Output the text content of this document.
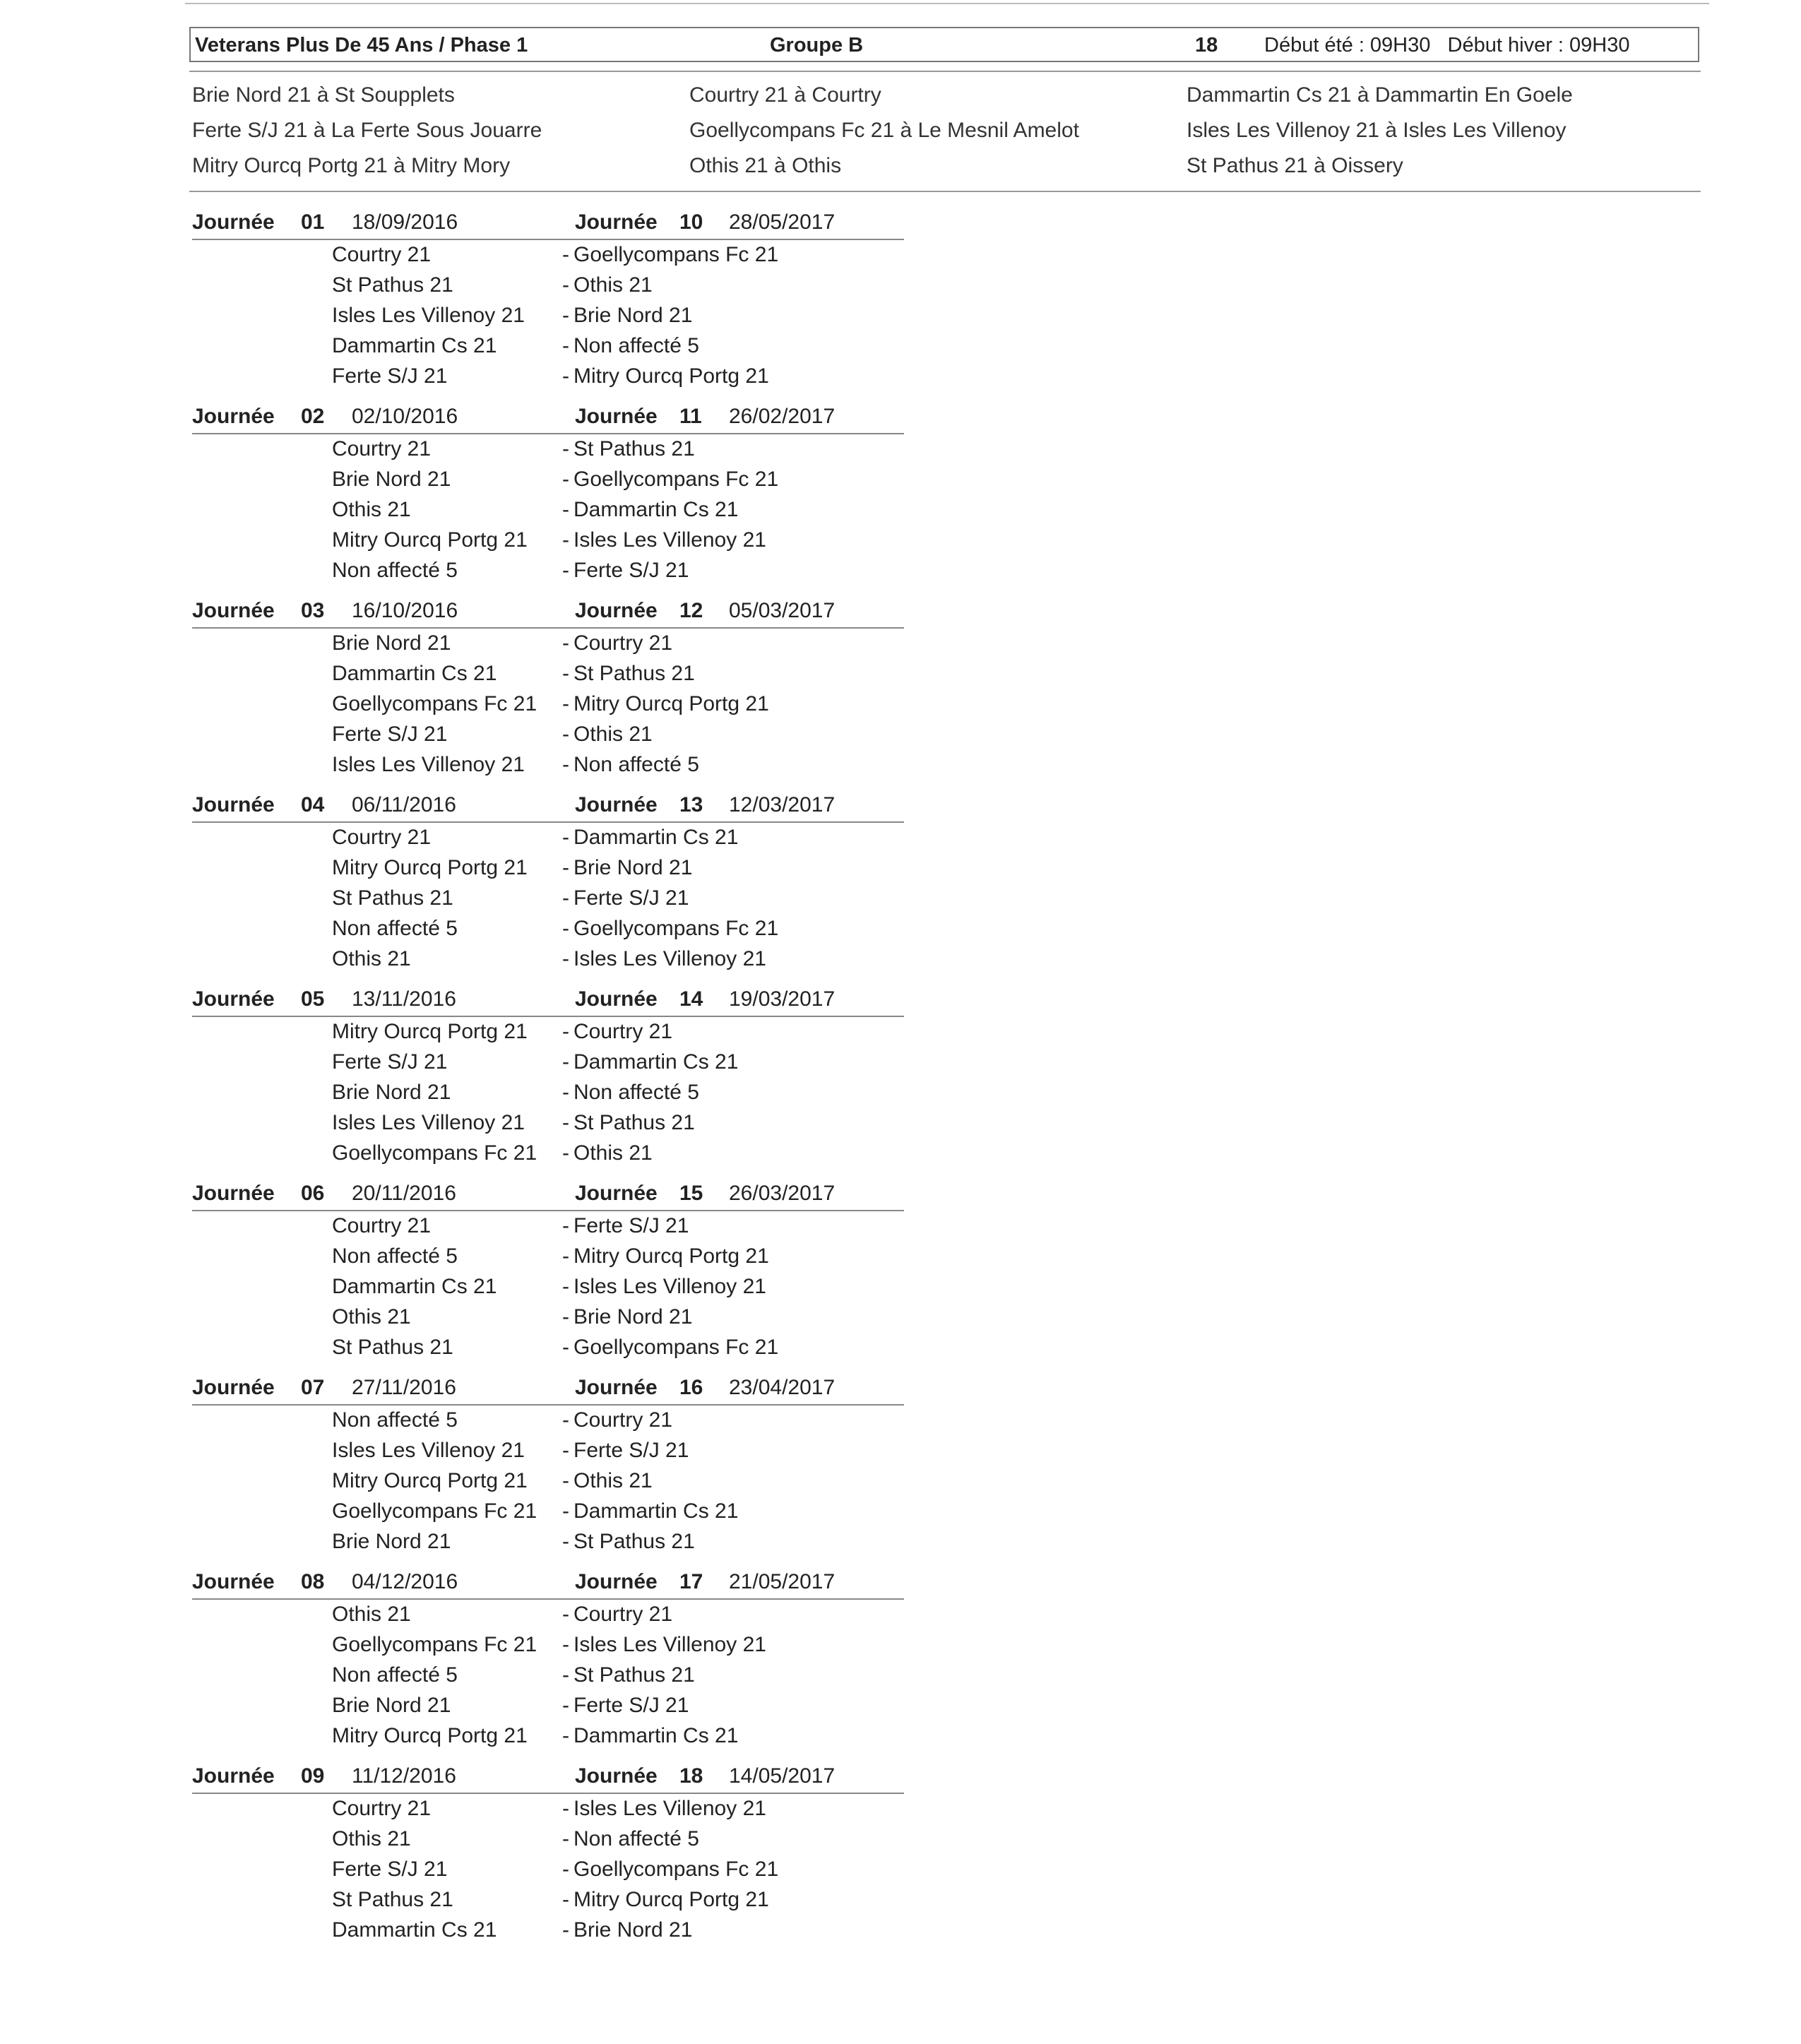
Veterans Plus De 45 Ans / Phase 1	Groupe B	18 Début été : 09H30   Début hiver : 09H30
Brie Nord 21 à St Soupplets	Courtry 21 à Courtry	Dammartin Cs 21 à Dammartin En Goele
Ferte S/J 21 à La Ferte Sous Jouarre	Goellycompans Fc 21 à Le Mesnil Amelot	Isles Les Villenoy 21 à Isles Les Villenoy
Mitry Ourcq Portg 21 à Mitry Mory	Othis 21 à Othis	St Pathus 21 à Oissery
Journée 01 18/09/2016	Journée 10 28/05/2017
Courtry 21	- Goellycompans Fc 21
St Pathus 21	- Othis 21
Isles Les Villenoy 21 - Brie Nord 21
Dammartin Cs 21	- Non affecté 5
Ferte S/J 21	- Mitry Ourcq Portg 21
Journée 02 02/10/2016	Journée 11 26/02/2017
Courtry 21	- St Pathus 21
Brie Nord 21	- Goellycompans Fc 21
Othis 21	- Dammartin Cs 21
Mitry Ourcq Portg 21 - Isles Les Villenoy 21
Non affecté 5	- Ferte S/J 21
Journée 03 16/10/2016	Journée 12 05/03/2017
Brie Nord 21	- Courtry 21
Dammartin Cs 21	- St Pathus 21
Goellycompans Fc 21 - Mitry Ourcq Portg 21
Ferte S/J 21	- Othis 21
Isles Les Villenoy 21 - Non affecté 5
Journée 04 06/11/2016	Journée 13 12/03/2017
Courtry 21	- Dammartin Cs 21
Mitry Ourcq Portg 21 - Brie Nord 21
St Pathus 21	- Ferte S/J 21
Non affecté 5	- Goellycompans Fc 21
Othis 21	- Isles Les Villenoy 21
Journée 05 13/11/2016	Journée 14 19/03/2017
Mitry Ourcq Portg 21 - Courtry 21
Ferte S/J 21	- Dammartin Cs 21
Brie Nord 21	- Non affecté 5
Isles Les Villenoy 21 - St Pathus 21
Goellycompans Fc 21 - Othis 21
Journée 06 20/11/2016	Journée 15 26/03/2017
Courtry 21	- Ferte S/J 21
Non affecté 5	- Mitry Ourcq Portg 21
Dammartin Cs 21	- Isles Les Villenoy 21
Othis 21	- Brie Nord 21
St Pathus 21	- Goellycompans Fc 21
Journée 07 27/11/2016	Journée 16 23/04/2017
Non affecté 5	- Courtry 21
Isles Les Villenoy 21 - Ferte S/J 21
Mitry Ourcq Portg 21 - Othis 21
Goellycompans Fc 21 - Dammartin Cs 21
Brie Nord 21	- St Pathus 21
Journée 08 04/12/2016	Journée 17 21/05/2017
Othis 21	- Courtry 21
Goellycompans Fc 21 - Isles Les Villenoy 21
Non affecté 5	- St Pathus 21
Brie Nord 21	- Ferte S/J 21
Mitry Ourcq Portg 21 - Dammartin Cs 21
Journée 09 11/12/2016	Journée 18 14/05/2017
Courtry 21	- Isles Les Villenoy 21
Othis 21	- Non affecté 5
Ferte S/J 21	- Goellycompans Fc 21
St Pathus 21	- Mitry Ourcq Portg 21
Dammartin Cs 21	- Brie Nord 21
